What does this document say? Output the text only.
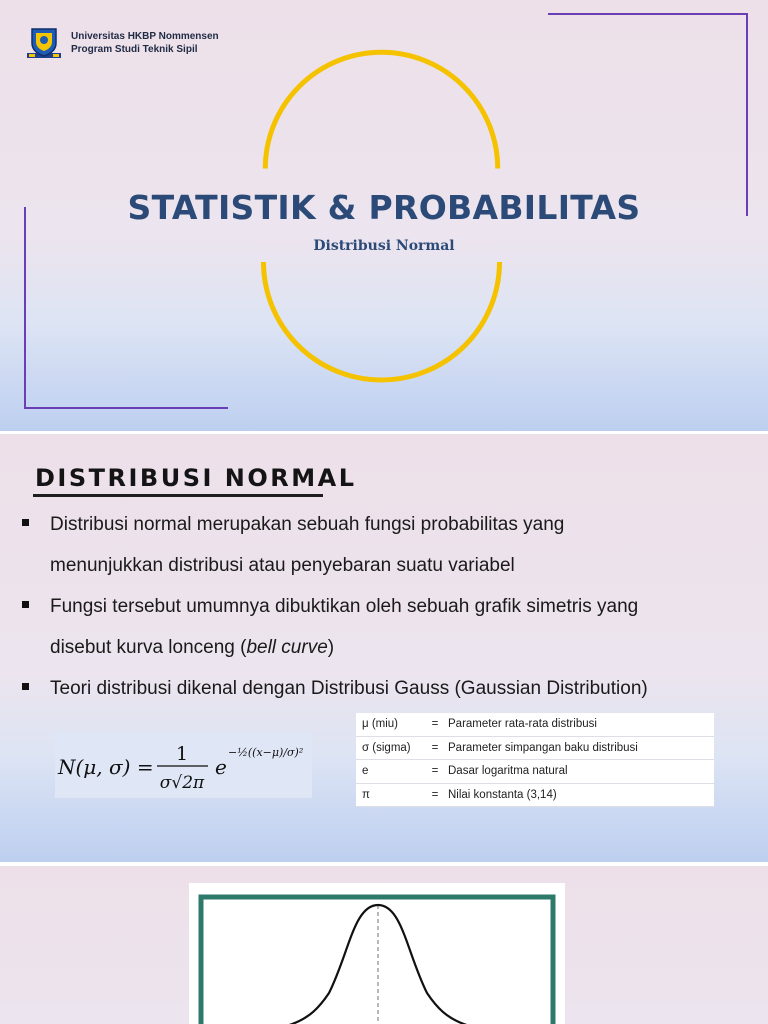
Universitas HKBP Nommensen
Program Studi Teknik Sipil
STATISTIK & PROBABILITAS
Distribusi Normal
DISTRIBUSI NORMAL
Distribusi normal merupakan sebuah fungsi probabilitas yang
menunjukkan distribusi atau penyebaran suatu variabel
Fungsi tersebut umumnya dibuktikan oleh sebuah grafik simetris yang
disebut kurva lonceng (bell curve)
Teori distribusi dikenal dengan Distribusi Gauss (Gaussian Distribution)
N(μ, σ) =
1
σ√2π
e
−½((x−μ)/σ)²
μ (miu)	=	Parameter rata-rata distribusi
σ (sigma)	=	Parameter simpangan baku distribusi
e	=	Dasar logaritma natural
π	=	Nilai konstanta (3,14)
